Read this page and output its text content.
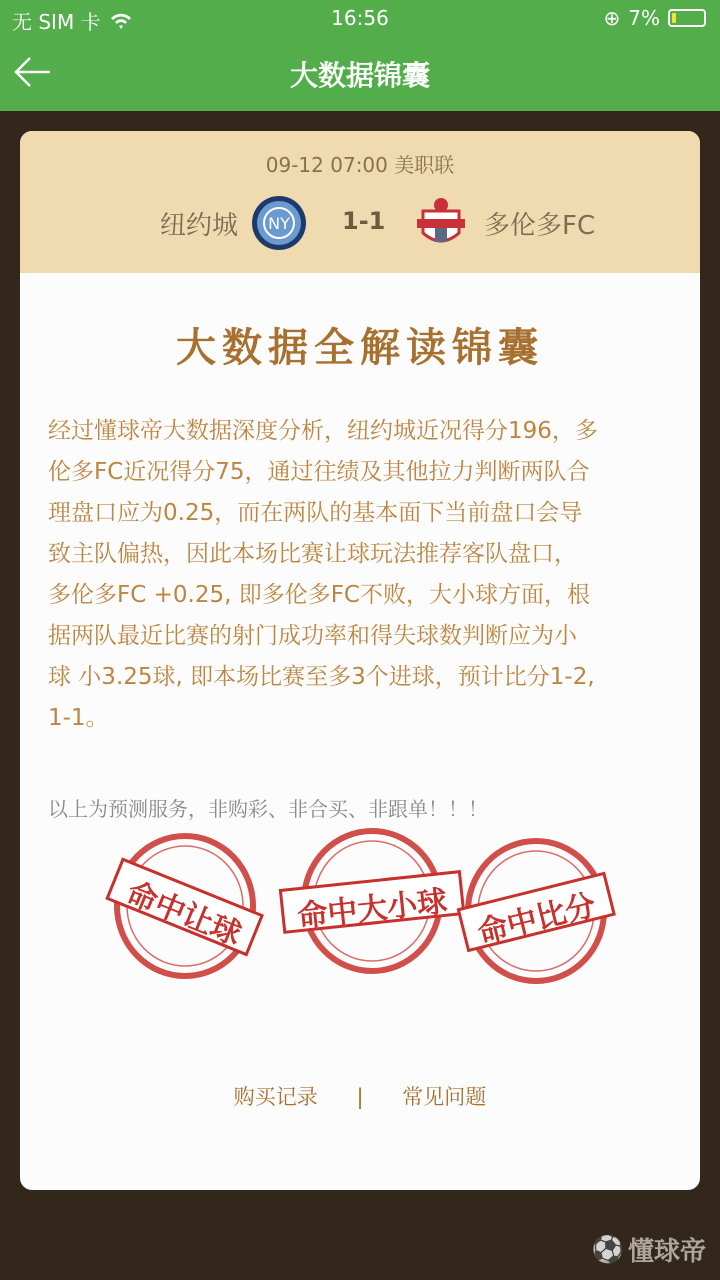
无 SIM 卡	16:56	⊕ 7%
大数据锦囊
09-12 07:00 美职联
纽约城 NY 1-1	多伦多FC
大数据全解读锦囊
经过懂球帝大数据深度分析，纽约城近况得分196，多
伦多FC近况得分75，通过往绩及其他拉力判断两队合
理盘口应为0.25，而在两队的基本面下当前盘口会导
致主队偏热，因此本场比赛让球玩法推荐客队盘口，
多伦多FC +0.25, 即多伦多FC不败，大小球方面，根
据两队最近比赛的射门成功率和得失球数判断应为小
球 小3.25球, 即本场比赛至多3个进球，预计比分1-2,
1-1。
以上为预测服务，非购彩、非合买、非跟单！！！
命中让球	命中大小球 命中比分
购买记录 | 常见问题
⚽ 懂球帝
